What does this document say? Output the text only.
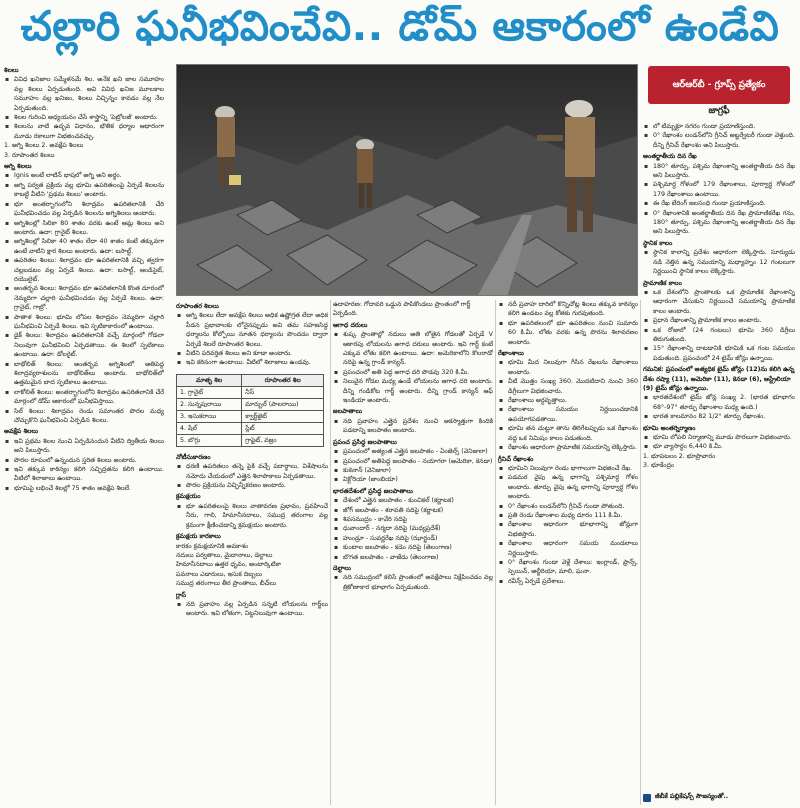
చల్లారి ఘనీభవించేవి.. డోమ్ ఆకారంలో ఉండేవి
శిలలు
▪ వివిధ ఖనిజాల సమ్మేళనమే శిల. అనేక ఖని జాల సమూహం వల్ల శిలలు ఏర్పడుతుంది. అవి వివిధ ఖనిజ మూలకాల సమూహం వల్ల ఖనిజం, శిలలు విచ్ఛిన్నం కావడం వల్ల నేల ఏర్పడుతుంది.
▪ శిలల గురించి అధ్యయనం చేసే శాస్త్రాన్ని 'పెట్రోలజీ' అంటారు.
▪ శిలలను వాటి ఉద్భవ విధానం, భౌతిక ధర్మాల ఆధారంగా మూడు రకాలుగా విభజించవచ్చు.
1. అగ్ని శిలలు 2. అవక్షేప శిలలు
3. రూపాంతర శిలలు
అగ్ని శిలలు
▪ Ignis అంటే లాటిన్ భాషలో అగ్ని అని అర్థం.
▪ అగ్ని పర్వత ప్రక్రియ వల్ల భూమి ఉపరితలంపై ఏర్పడే శిలలను కాబట్టి వీటిని 'ప్రథమ శిలలు' అంటారు.
▪ భూ అంతర్భాగంలోని శిలాద్రవం ఉపరితలానికి చేరి ఘనీభవించడం వల్ల ఏర్పడిన శిలలను అగ్నిశిలలు అంటారు.
▪ అగ్నిశిలల్లో సిలికా 80 శాతం వరకు ఉంటే ఆమ్ల శిలలు అని అంటారు. ఉదా: గ్రానైట్ శిలలు.
▪ అగ్నిశిలల్లో సిలికా 40 శాతం లేదా 40 శాతం కంటే తక్కువగా ఉంటే వాటిని క్షార శిలలు అంటారు. ఉదా: బసాల్ట్.
▪ ఉపరితల శిలలు: శిలాద్రవం భూ ఉపరితలానికి వచ్చి త్వరగా చల్లబడటం వల్ల ఏర్పడే శిలలు. ఉదా: బసాల్ట్, ఆండిసైట్, రయొలైట్.
▪ అంతర్భవ శిలలు: శిలాద్రవం భూ ఉపరితలానికి కొంత దూరంలో నెమ్మదిగా చల్లారి ఘనీభవించడం వల్ల ఏర్పడే శిలలు. ఉదా: గ్రానైట్, గాబ్రో.
▪ పాతాళ శిలలు: భూమి లోపల శిలాద్రవం నెమ్మదిగా చల్లారి ఘనీభవించి ఏర్పడే శిలలు. ఇవి స్ఫటికాకారంలో ఉంటాయి.
▪ డైక్ శిలలు: శిలాద్రవం ఉపరితలానికి వచ్చే మార్గంలో గోడలా నిలువుగా ఘనీభవించి ఏర్పడతాయి. ఈ శిలలో స్ఫటికాలు ఉంటాయి. ఉదా: డోలరైట్.
▪ బాథోలిత్ శిలలు: అంతర్భవ అగ్నిశిలలో అతిపెద్ద శిలాద్రవ్యరాశులను బాథోలిత్‌లు అంటారు. బాథోలిత్‌లో ఉత్తమమైన బాద స్ఫటికాలు ఉంటాయి.
▪ లాకోలిత్ శిలలు: అంతర్భాగంలోని శిలాద్రవం ఉపరితలానికి చేరే మార్గంలో డోమ్ ఆకారంలో ఘనీభవిస్తాయి.
▪ సిల్ శిలలు: శిలాద్రవం రెండు సమాంతర పొరల మధ్య చొచ్చుకొని ఘనీభవించి ఏర్పడిన శిలలు.
అవక్షేప శిలలు
▪ ఇవి ప్రథమ శిలల నుంచి ఏర్పడినందున వీటిని ద్వితీయ శిలలు అని పిలుస్తారు.
▪ పొరల రూపంలో ఉన్నందున స్తరిత శిలలు అంటారు.
▪ ఇవి తక్కువ కాఠిన్యం కలిగి సచ్ఛిద్రతను కలిగి ఉంటాయి. వీటిలో శిలాజాలు ఉంటాయి.
▪ భూమిపై లభించే శిలల్లో 75 శాతం అవక్షేప శిలలే.
ఆర్ఆర్‌బీ - గ్రూప్స్ ప్రత్యేకం
జాగ్రఫీ
రూపాంతర శిలలు
▪ అగ్ని శిలలు లేదా అవక్షేప శిలలు అధిక ఉష్ణోగ్రత లేదా అధిక పీడన ప్రభావాలకు లోనైనప్పుడు అవి తమ సహజసిద్ధ ధర్మాలను కోల్పోయి నూతన ధర్మాలను పొందడం ద్వారా ఏర్పడే శిలలే రూపాంతర శిలలు.
▪ వీటిని పరివర్తిత శిలలు అని కూడా అంటారు.
▪ ఇవి కఠినంగా ఉంటాయి. వీటిలో శిలాజాలు ఉండవు.
మాతృ శిల	రూపాంతర శిల
1. గ్రానైట్	నీస్
2. సున్నపురాయి	మార్బుల్ (పాలరాయి)
3. ఇసుకరాయి	క్వార్ట్‌జైట్
4. షేల్	స్లేట్
5. బొగ్గు	గ్రాఫైట్, వజ్రం
నోటీసుకారణం
▪ ధరణి ఉపరితలం తన్నె పైకి వచ్చే పదార్థాలు, విశేషాలను నమోదు చేయడంలో ఎత్తైన శిలాపాకాలు ఏర్పడతాయి.
▪ పొరల ప్రక్రియను విచ్ఛిన్నీకరణం అంటారు.
క్రమక్షయం
▪ భూ ఉపరితలంపై శిలలు వాతావరణ ప్రభావం, ప్రవహించే నీరు, గాలి, హిమానీనదాలు, సముద్ర తరంగాల వల్ల క్రమంగా క్షీణించడాన్ని క్రమక్షయం అంటారు.
క్రమక్షయ కారకాలు
కారకం క్రమక్షయానికి అవకాశం
నదులు పర్వతాలు, మైదానాలు, డెల్టాలు
హిమానీనదాలు ఉత్తర ధృవం, అంటార్కిటికా
పవనాలు ఎడారులు, ఇసుక దిబ్బలు
సముద్ర తరంగాలు తీర ప్రాంతాలు, బీచ్‌లు
గ్లాస్
▪ నది ప్రవాహం వల్ల ఏర్పడిన సన్నటి లోయలను గార్జ్‌లు అంటారు. ఇవి లోతుగా, నిట్టనిలువుగా ఉంటాయి.
ఉదాహరణ: గోదావరి ఒడ్డున పాపికొండలు ప్రాంతంలో గార్జ్ ఏర్పడింది.
అగాధ దరులు
▪ శుష్క ప్రాంతాల్లో నదులు అతి లోతైన గోడలతో ఏర్పడే V ఆకారపు లోయలను అగాధ దరులు అంటారు. ఇవి గార్జ్ కంటే ఎక్కువ లోతు కలిగి ఉంటాయి. ఉదా: అమెరికాలోని కొలరాడో నదిపై ఉన్న గ్రాండ్ కాన్యన్.
▪ ప్రపంచంలో అతి పెద్ద అగాధ దరి పొడవు 320 కి.మీ.
▪ నిలువైన గోడల మధ్య ఉండే లోయలను ఆగాధ దరి అంటారు. దీన్ని గండికోట గార్జ్ అంటారు. దీన్ని గ్రాండ్ కాన్యన్ ఆఫ్ ఇండియా అంటారు.
జలపాతాలు
▪ నది ప్రవాహం ఎత్తైన ప్రదేశం నుంచి అకస్మాత్తుగా కిందికి పడటాన్ని జలపాతం అంటారు.
ప్రపంచ ప్రసిద్ధ జలపాతాలు
▪ ప్రపంచంలో అత్యంత ఎత్తైన జలపాతం - ఏంజెల్స్ (వెనిజులా)
▪ ప్రపంచంలో అతిపెద్ద జలపాతం - నయాగరా (అమెరికా, కెనడా)
▪ కుకెనాన్ (వెనిజులా)
▪ విక్టోరియా (జాంబియా)
భారతదేశంలో ప్రసిద్ధ జలపాతాలు
▪ దేశంలో ఎత్తైన జలపాతం - కుంచికల్ (కర్ణాటక)
▪ జోగ్ జలపాతం - శరావతి నదిపై (కర్ణాటక)
▪ శివసముద్రం - కావేరి నదిపై
▪ ధువాందార్ - నర్మదా నదిపై (మధ్యప్రదేశ్)
▪ హుండ్రూ - సువర్ణరేఖ నదిపై (ఝార్ఖండ్)
▪ కుంటాల జలపాతం - కడెం నదిపై (తెలంగాణ)
▪ బొగత జలపాతం - వాజేడు (తెలంగాణ)
డెల్టాలు
▪ నది సముద్రంలో కలిసే ప్రాంతంలో అవక్షేపాలు నిక్షేపించడం వల్ల త్రికోణాకార భూభాగం ఏర్పడుతుంది.
▪ నదీ ప్రవాహ దారిలో కొన్నిచోట్ల శిలలు తక్కువ కాఠిన్యం కలిగి ఉండటం వల్ల కోతకు గురవుతుంది.
▪ భూ ఉపరితలంలో భూ ఉపరితలం నుంచి సుమారు 60 కి.మీ. లోతు వరకు ఉన్న పొరను శిలావరణం అంటారు.
రేఖాంశాలు
▪ భూమి మీద నిలువుగా గీసిన రేఖలను రేఖాంశాలు అంటారు.
▪ వీటి మొత్తం సంఖ్య 360. మొదటిదాని నుంచి 360 డిగ్రీలుగా విభజించారు.
▪ రేఖాంశాలు అర్ధవృత్తాలు.
▪ రేఖాంశాలు సమయం నిర్ణయించడానికి ఉపయోగపడతాయి.
▪ భూమి తన చుట్టూ తాను తిరిగేటప్పుడు ఒక రేఖాంశం వద్ద ఒక నిమిషం కాలం పడుతుంది.
▪ రేఖాంశం ఆధారంగా ప్రామాణిక సమయాన్ని లెక్కిస్తారు.
గ్రీనిచ్ రేఖాంశం
▪ భూమిని నిలువుగా రెండు భాగాలుగా విభజించే రేఖ.
▪ పడమర వైపు ఉన్న భాగాన్ని పశ్చిమార్ధ గోళం అంటారు. తూర్పు వైపు ఉన్న భాగాన్ని పూర్వార్ధ గోళం అంటారు.
▪ 0° రేఖాంశం లండన్‌లోని గ్రీనిచ్ గుండా పోతుంది.
▪ ప్రతి రెండు రేఖాంశాల మధ్య దూరం 111 కి.మీ.
▪ రేఖాంశాల ఆధారంగా భూభాగాన్ని జోన్లుగా విభజిస్తారు.
▪ రేఖాంశాల ఆధారంగా సమయ మండలాలు నిర్ణయిస్తారు.
▪ 0° రేఖాంశం గుండా వెళ్లే దేశాలు: ఇంగ్లాండ్, ఫ్రాన్స్, స్పెయిన్, అల్జీరియా, మాలి, ఘనా.
▪ రవీన్స్ ఏర్పడే ప్రదేశాలు.
▪ లో టిమ్బక్టూ నగరం గుండా ప్రయాణిస్తుంది.
▪ 0° రేఖాంశం లండన్‌లోని గ్రీనిచ్ అబ్జర్వేటరీ గుండా వెళ్తుంది. దీన్ని గ్రీనిచ్ రేఖాంశం అని పిలుస్తారు.
అంతర్జాతీయ దిన రేఖ
▪ 180° తూర్పు, పశ్చిమ రేఖాంశాన్ని అంతర్జాతీయ దిన రేఖ అని పిలుస్తారు.
▪ పశ్చిమార్ధ గోళంలో 179 రేఖాంశాలు, పూర్వార్ధ గోళంలో 179 రేఖాంశాలు ఉంటాయి.
▪ ఈ రేఖ బేరింగ్ జలసంధి గుండా ప్రయాణిస్తుంది.
▪ 0° రేఖాంశానికి అంతర్జాతీయ దిన రేఖ ప్రామాణికరేఖ గను, 180° తూర్పు, పశ్చిమ రేఖాంశాన్ని అంతర్జాతీయ దిన రేఖ అని పిలుస్తారు.
స్థానిక కాలం
▪ స్థానిక కాలాన్ని ప్రదేశం ఆధారంగా లెక్కిస్తారు. సూర్యుడు నడి నెత్తిన ఉన్న సమయాన్ని మధ్యాహ్నం 12 గంటలుగా నిర్ణయించి స్థానిక కాలం లెక్కిస్తారు.
ప్రామాణిక కాలం
▪ ఒక దేశంలోని ప్రాంతాలకు ఒక ప్రామాణిక రేఖాంశాన్ని ఆధారంగా చేసుకుని నిర్ణయించే సమయాన్ని ప్రామాణిక కాలం అంటారు.
▪ ప్రధాన రేఖాంశాన్ని ప్రామాణిక కాలం అంటారు.
▪ ఒక రోజులో (24 గంటలు) భూమి 360 డిగ్రీలు తిరుగుతుంది.
▪ 15° రేఖాంశాన్ని దాటడానికి భూమికి ఒక గంట సమయం పడుతుంది. ప్రపంచంలో 24 టైమ్ జోన్లు ఉన్నాయి.
గమనిక: ప్రపంచంలో అత్యధిక టైమ్ జోన్లు (12)ను కలిగి ఉన్న దేశం రష్యా (11), అమెరికా (11), కెనడా (6), ఆస్ట్రేలియా (9) టైమ్ జోన్లు ఉన్నాయి.
▪ భారతదేశంలో టైమ్ జోన్ల సంఖ్య 2. (భారత భూభాగం 68°-97° తూర్పు రేఖాంశాల మధ్య ఉంది.)
▪ భారత కాలమానం 82 1/2° తూర్పు రేఖాంశం.
భూమి అంతర్నిర్మాణం
▪ భూమి లోపలి నిర్మాణాన్ని మూడు పొరలుగా విభజించారు.
▪ భూ వ్యాసార్ధం 6,440 కి.మీ.
1. భూపటలం 2. భూప్రావారం
3. భూకేంద్రం
జీబీకే పబ్లికేషన్స్ సౌజన్యంతో..
